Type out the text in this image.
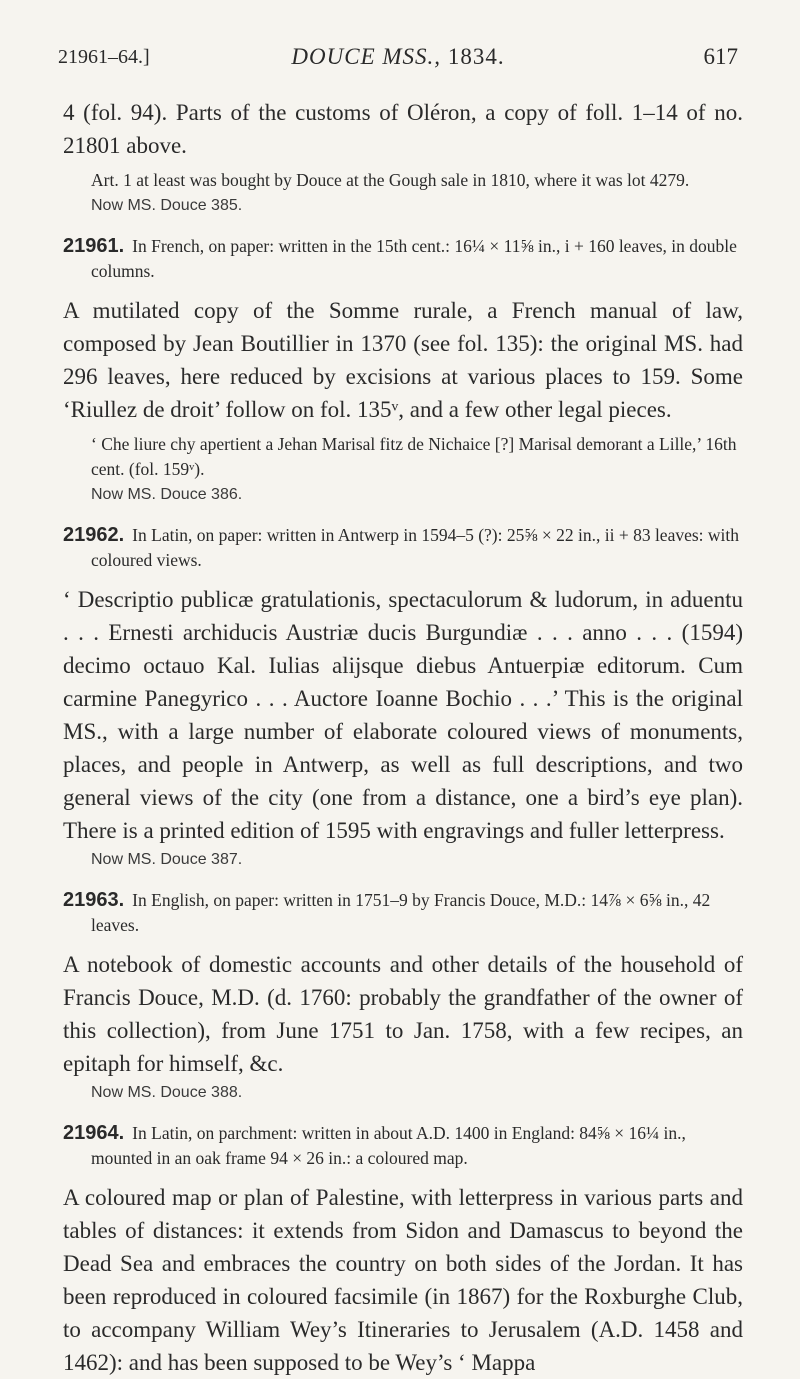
21961–64.]	DOUCE MSS., 1834.	617

4 (fol. 94). Parts of the customs of Oléron, a copy of foll. 1–14 of no. 21801 above.

Art. 1 at least was bought by Douce at the Gough sale in 1810, where it was lot 4279.

Now MS. Douce 385.

21961. In French, on paper: written in the 15th cent.: 16¼ × 11⅝ in., i + 160 leaves, in double columns.

A mutilated copy of the Somme rurale, a French manual of law, composed by Jean Boutillier in 1370 (see fol. 135): the original MS. had 296 leaves, here reduced by excisions at various places to 159. Some ‘Riullez de droit’ follow on fol. 135ᵛ, and a few other legal pieces.

‘ Che liure chy apertient a Jehan Marisal fitz de Nichaice [?] Marisal demorant a Lille,’ 16th cent. (fol. 159ᵛ).

Now MS. Douce 386.

21962. In Latin, on paper: written in Antwerp in 1594–5 (?): 25⅝ × 22 in., ii + 83 leaves: with coloured views.

‘ Descriptio publicæ gratulationis, spectaculorum & ludorum, in aduentu . . . Ernesti archiducis Austriæ ducis Burgundiæ . . . anno . . . (1594) decimo octauo Kal. Iulias alijsque diebus Antuerpiæ editorum. Cum carmine Panegyrico . . . Auctore Ioanne Bochio . . .’ This is the original MS., with a large number of elaborate coloured views of monuments, places, and people in Antwerp, as well as full descriptions, and two general views of the city (one from a distance, one a bird’s eye plan). There is a printed edition of 1595 with engravings and fuller letterpress.

Now MS. Douce 387.

21963. In English, on paper: written in 1751–9 by Francis Douce, M.D.: 14⅞ × 6⅝ in., 42 leaves.

A notebook of domestic accounts and other details of the household of Francis Douce, M.D. (d. 1760: probably the grandfather of the owner of this collection), from June 1751 to Jan. 1758, with a few recipes, an epitaph for himself, &c.

Now MS. Douce 388.

21964. In Latin, on parchment: written in about A.D. 1400 in England: 84⅝ × 16¼ in., mounted in an oak frame 94 × 26 in.: a coloured map.

A coloured map or plan of Palestine, with letterpress in various parts and tables of distances: it extends from Sidon and Damascus to beyond the Dead Sea and embraces the country on both sides of the Jordan. It has been reproduced in coloured facsimile (in 1867) for the Roxburghe Club, to accompany William Wey’s Itineraries to Jerusalem (A.D. 1458 and 1462): and has been supposed to be Wey’s ‘ Mappa
